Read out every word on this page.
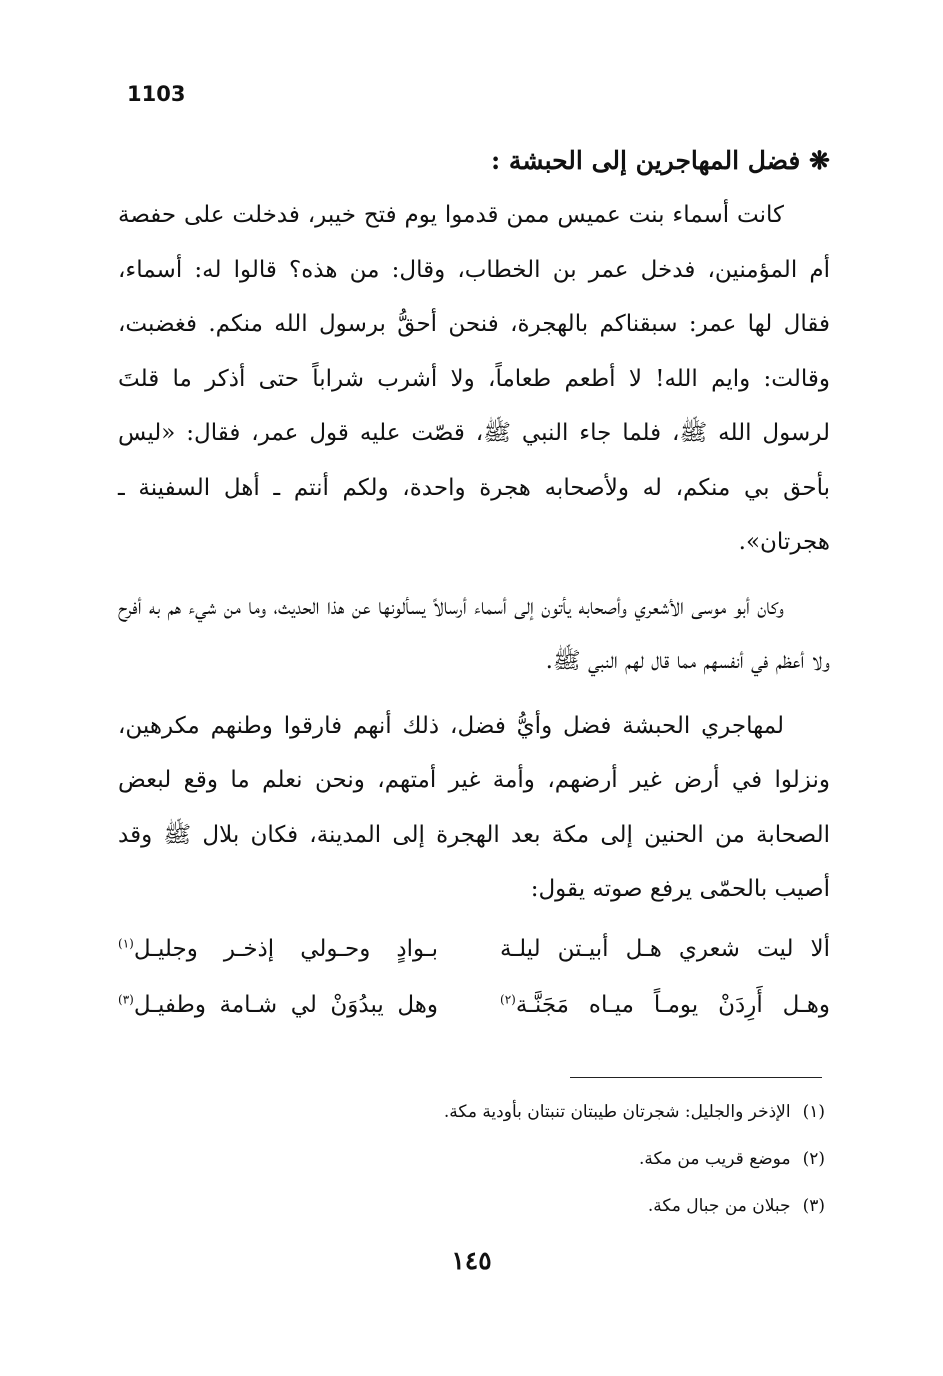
1103
❋ فضل المهاجرين إلى الحبشة :

كانت أسماء بنت عميس ممن قدموا يوم فتح خيبر، فدخلت على حفصة أم المؤمنين، فدخل عمر بن الخطاب، وقال: من هذه؟ قالوا له: أسماء، فقال لها عمر: سبقناكم بالهجرة، فنحن أحقُّ برسول الله منكم. فغضبت، وقالت: وايم الله! لا أطعم طعاماً، ولا أشرب شراباً حتى أذكر ما قلتَ لرسول الله ﷺ، فلما جاء النبي ﷺ، قصّت عليه قول عمر، فقال: «ليس بأحق بي منكم، له ولأصحابه هجرة واحدة، ولكم أنتم ـ أهل السفينة ـ هجرتان».

وكان أبو موسى الأشعري وأصحابه يأتون إلى أسماء أرسالاً يسألونها عن هذا الحديث، وما من شيء هم به أفرح ولا أعظم في أنفسهم مما قال لهم النبي ﷺ.

لمهاجري الحبشة فضل وأيُّ فضل، ذلك أنهم فارقوا وطنهم مكرهين، ونزلوا في أرض غير أرضهم، وأمة غير أمتهم، ونحن نعلم ما وقع لبعض الصحابة من الحنين إلى مكة بعد الهجرة إلى المدينة، فكان بلال ﷺ وقد أصيب بالحمّى يرفع صوته يقول:

ألا ليت شعري هـل أبيـتن ليلـة
بـوادٍ وحـولي إذخـر وجليـل$^{(١)}$
وهـل أَرِدَنْ يومـاً ميـاه مَجَنَّـة$^{(٢)}$
وهل يبدُوَنْ لي شـامة وطفيـل$^{(٣)}$

(١)الإذخر والجليل: شجرتان طيبتان تنبتان بأودية مكة.

(٢)موضع قريب من مكة.

(٣)جبلان من جبال مكة.

١٤٥
